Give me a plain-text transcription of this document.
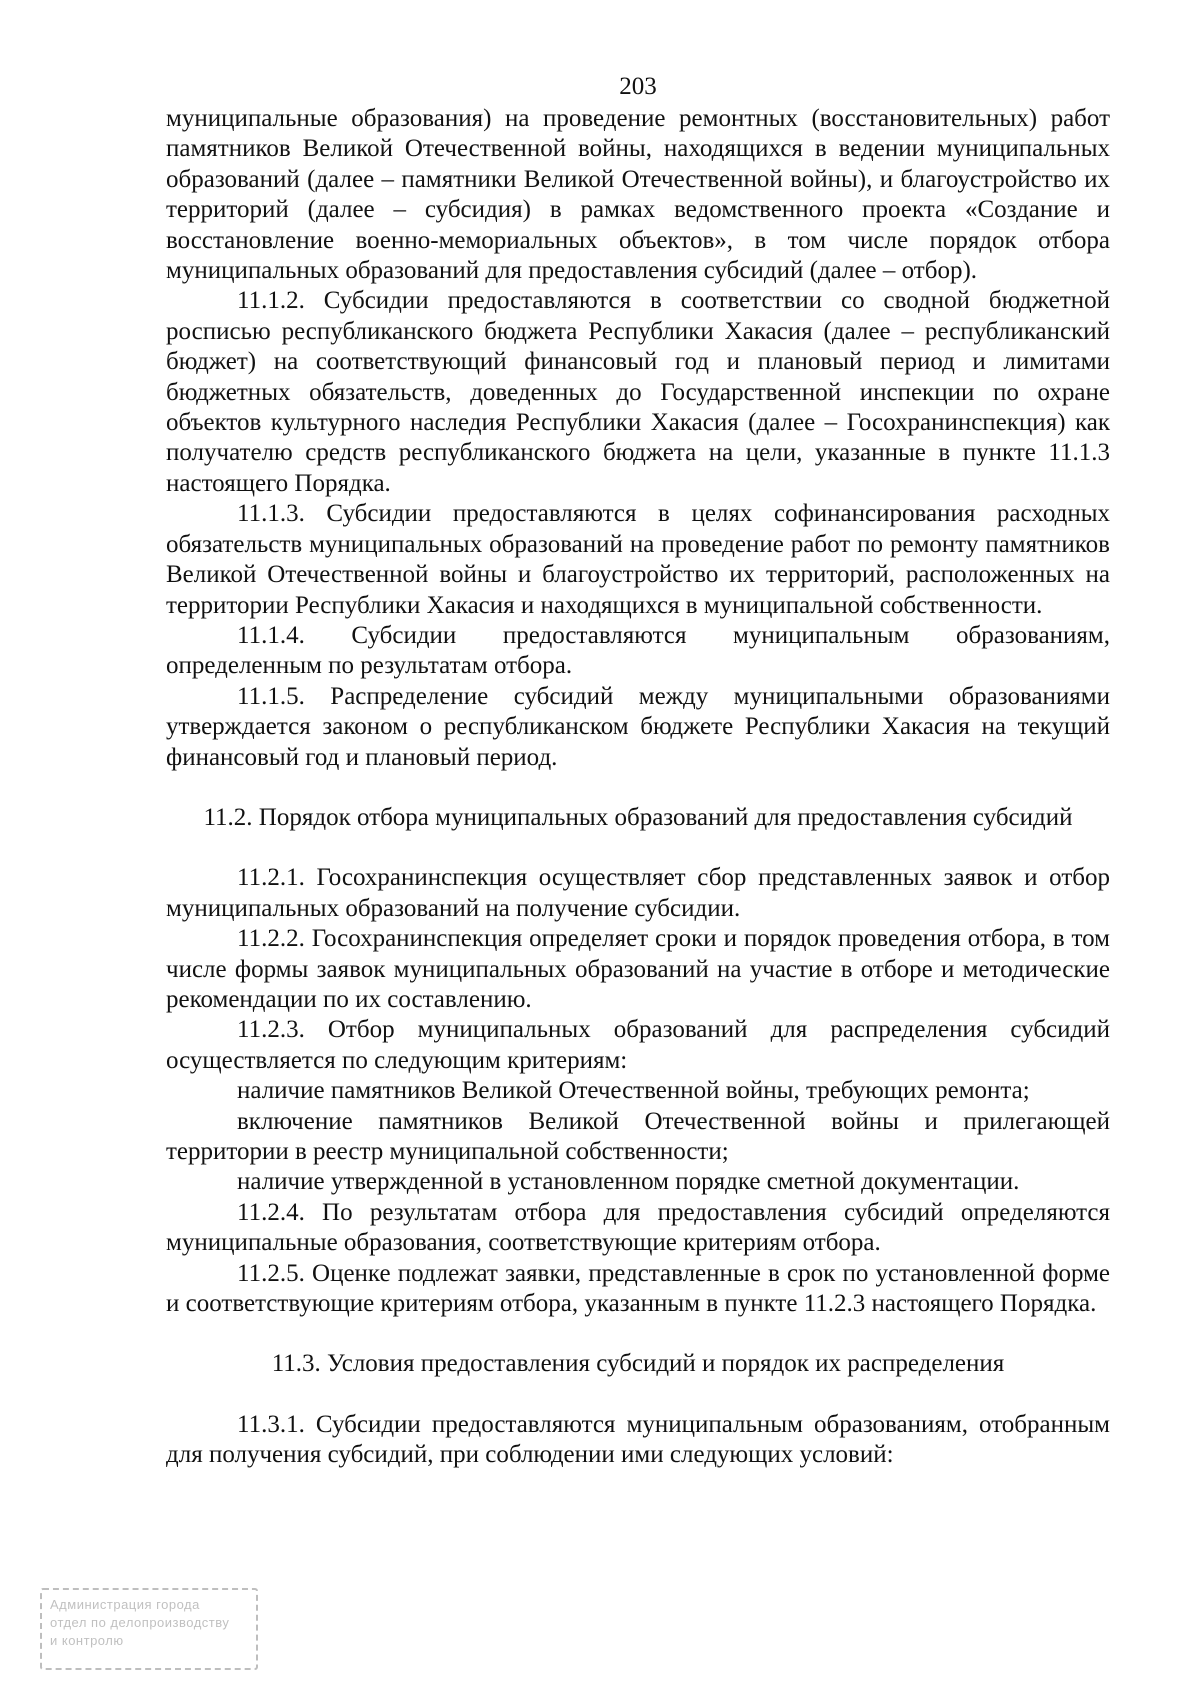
203

муниципальные образования) на проведение ремонтных (восстановительных) работ памятников Великой Отечественной войны, находящихся в ведении муниципальных образований (далее – памятники Великой Отечественной войны), и благоустройство их территорий (далее – субсидия) в рамках ведомственного проекта «Создание и восстановление военно-мемориальных объектов», в том числе порядок отбора муниципальных образований для предоставления субсидий (далее – отбор).

11.1.2. Субсидии предоставляются в соответствии со сводной бюджетной росписью республиканского бюджета Республики Хакасия (далее – республиканский бюджет) на соответствующий финансовый год и плановый период и лимитами бюджетных обязательств, доведенных до Государственной инспекции по охране объектов культурного наследия Республики Хакасия (далее – Госохранинспекция) как получателю средств республиканского бюджета на цели, указанные в пункте 11.1.3 настоящего Порядка.

11.1.3. Субсидии предоставляются в целях софинансирования расходных обязательств муниципальных образований на проведение работ по ремонту памятников Великой Отечественной войны и благоустройство их территорий, расположенных на территории Республики Хакасия и находящихся в муниципальной собственности.

11.1.4. Субсидии предоставляются муниципальным образованиям, определенным по результатам отбора.

11.1.5. Распределение субсидий между муниципальными образованиями утверждается законом о республиканском бюджете Республики Хакасия на текущий финансовый год и плановый период.

11.2. Порядок отбора муниципальных образований для предоставления субсидий

11.2.1. Госохранинспекция осуществляет сбор представленных заявок и отбор муниципальных образований на получение субсидии.

11.2.2. Госохранинспекция определяет сроки и порядок проведения отбора, в том числе формы заявок муниципальных образований на участие в отборе и методические рекомендации по их составлению.

11.2.3. Отбор муниципальных образований для распределения субсидий осуществляется по следующим критериям:

наличие памятников Великой Отечественной войны, требующих ремонта;

включение памятников Великой Отечественной войны и прилегающей территории в реестр муниципальной собственности;

наличие утвержденной в установленном порядке сметной документации.

11.2.4. По результатам отбора для предоставления субсидий определяются муниципальные образования, соответствующие критериям отбора.

11.2.5. Оценке подлежат заявки, представленные в срок по установленной форме и соответствующие критериям отбора, указанным в пункте 11.2.3 настоящего Порядка.

11.3. Условия предоставления субсидий и порядок их распределения

11.3.1. Субсидии предоставляются муниципальным образованиям, отобранным для получения субсидий, при соблюдении ими следующих условий:

Администрация города
отдел по делопроизводству
и контролю
